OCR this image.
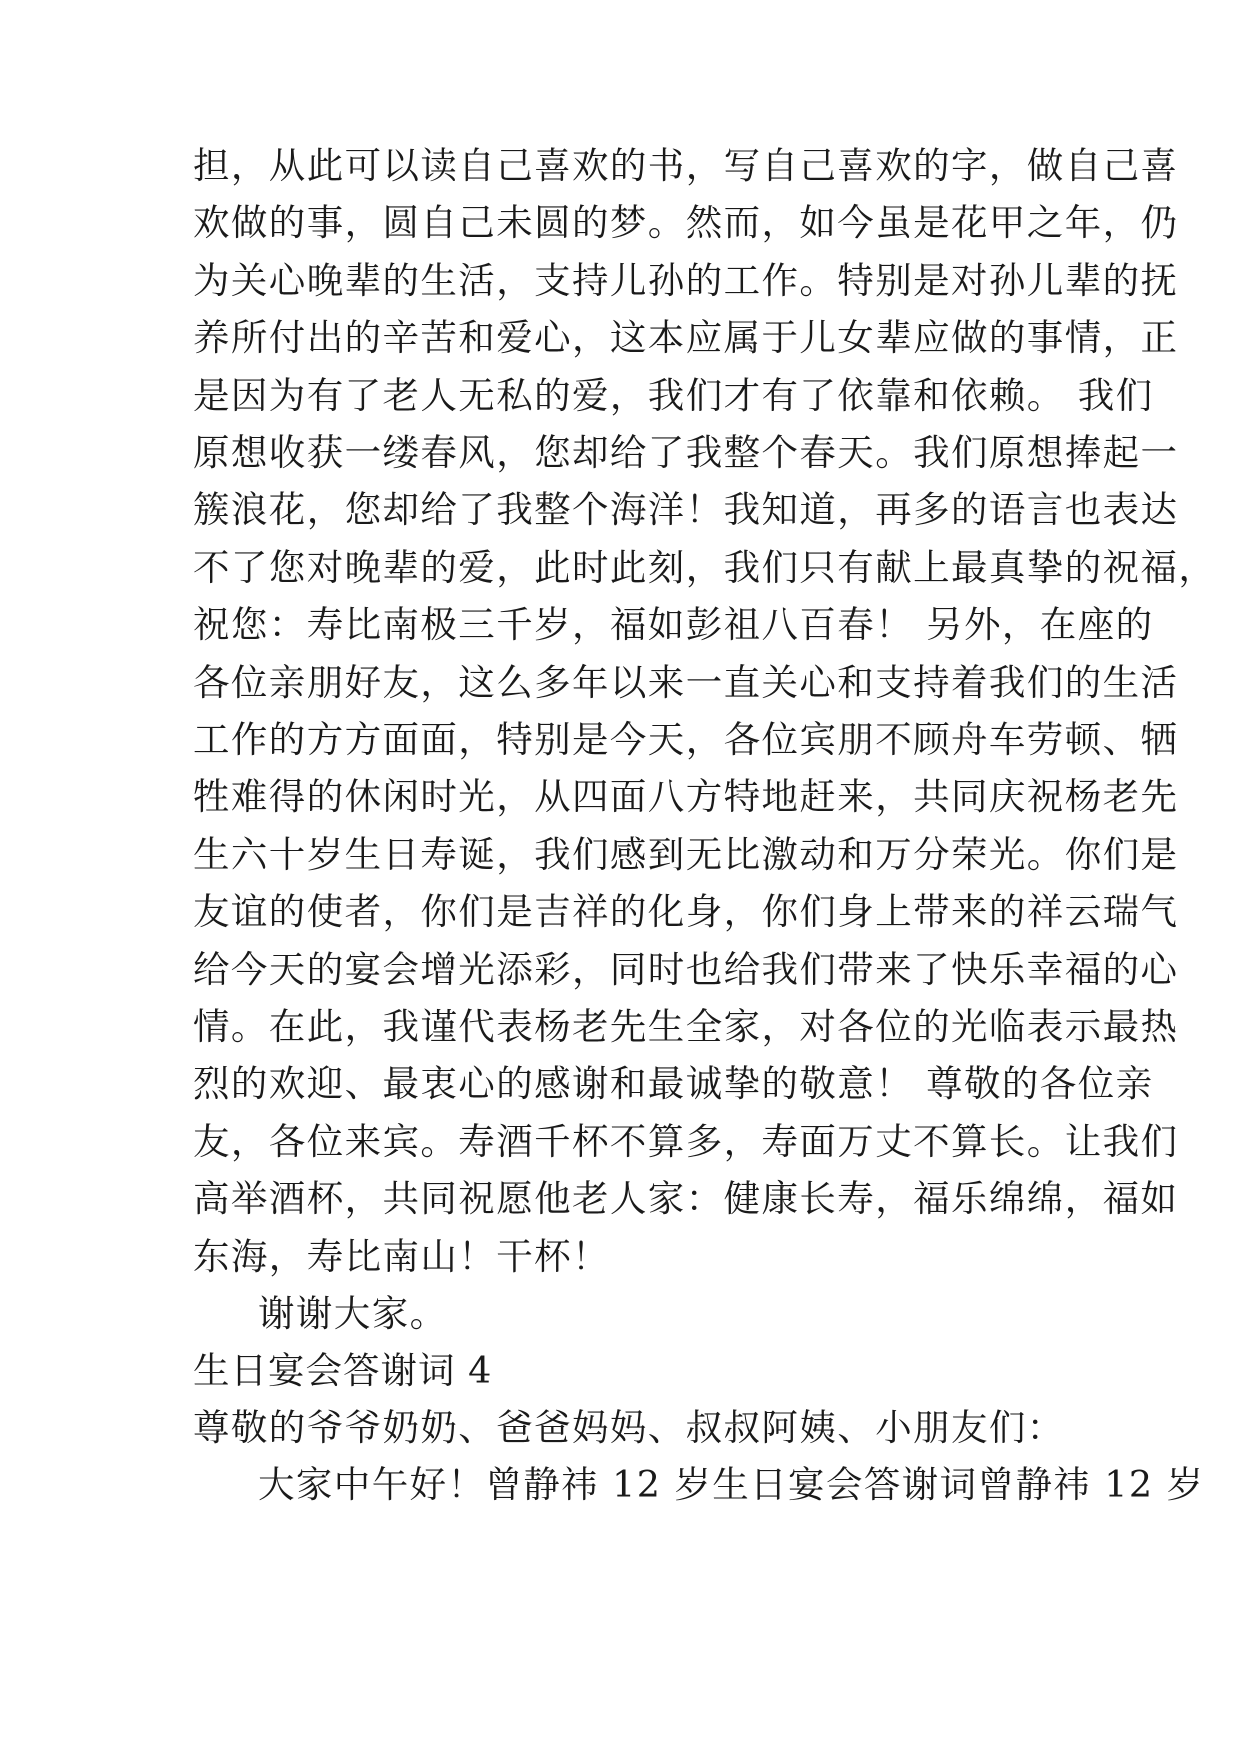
担，从此可以读自己喜欢的书，写自己喜欢的字，做自己喜
欢做的事，圆自己未圆的梦。然而，如今虽是花甲之年，仍
为关心晚辈的生活，支持儿孙的工作。特别是对孙儿辈的抚
养所付出的辛苦和爱心，这本应属于儿女辈应做的事情，正
是因为有了老人无私的爱，我们才有了依靠和依赖。 我们
原想收获一缕春风，您却给了我整个春天。我们原想捧起一
簇浪花，您却给了我整个海洋！我知道，再多的语言也表达
不了您对晚辈的爱，此时此刻，我们只有献上最真挚的祝福，
祝您：寿比南极三千岁，福如彭祖八百春！ 另外，在座的
各位亲朋好友，这么多年以来一直关心和支持着我们的生活
工作的方方面面，特别是今天，各位宾朋不顾舟车劳顿、牺
牲难得的休闲时光，从四面八方特地赶来，共同庆祝杨老先
生六十岁生日寿诞，我们感到无比激动和万分荣光。你们是
友谊的使者，你们是吉祥的化身，你们身上带来的祥云瑞气
给今天的宴会增光添彩，同时也给我们带来了快乐幸福的心
情。在此，我谨代表杨老先生全家，对各位的光临表示最热
烈的欢迎、最衷心的感谢和最诚挚的敬意！ 尊敬的各位亲
友，各位来宾。寿酒千杯不算多，寿面万丈不算长。让我们
高举酒杯，共同祝愿他老人家：健康长寿，福乐绵绵，福如
东海，寿比南山！干杯！
谢谢大家。
生日宴会答谢词 4
尊敬的爷爷奶奶、爸爸妈妈、叔叔阿姨、小朋友们：
大家中午好！曾静祎 12 岁生日宴会答谢词曾静祎 12 岁
